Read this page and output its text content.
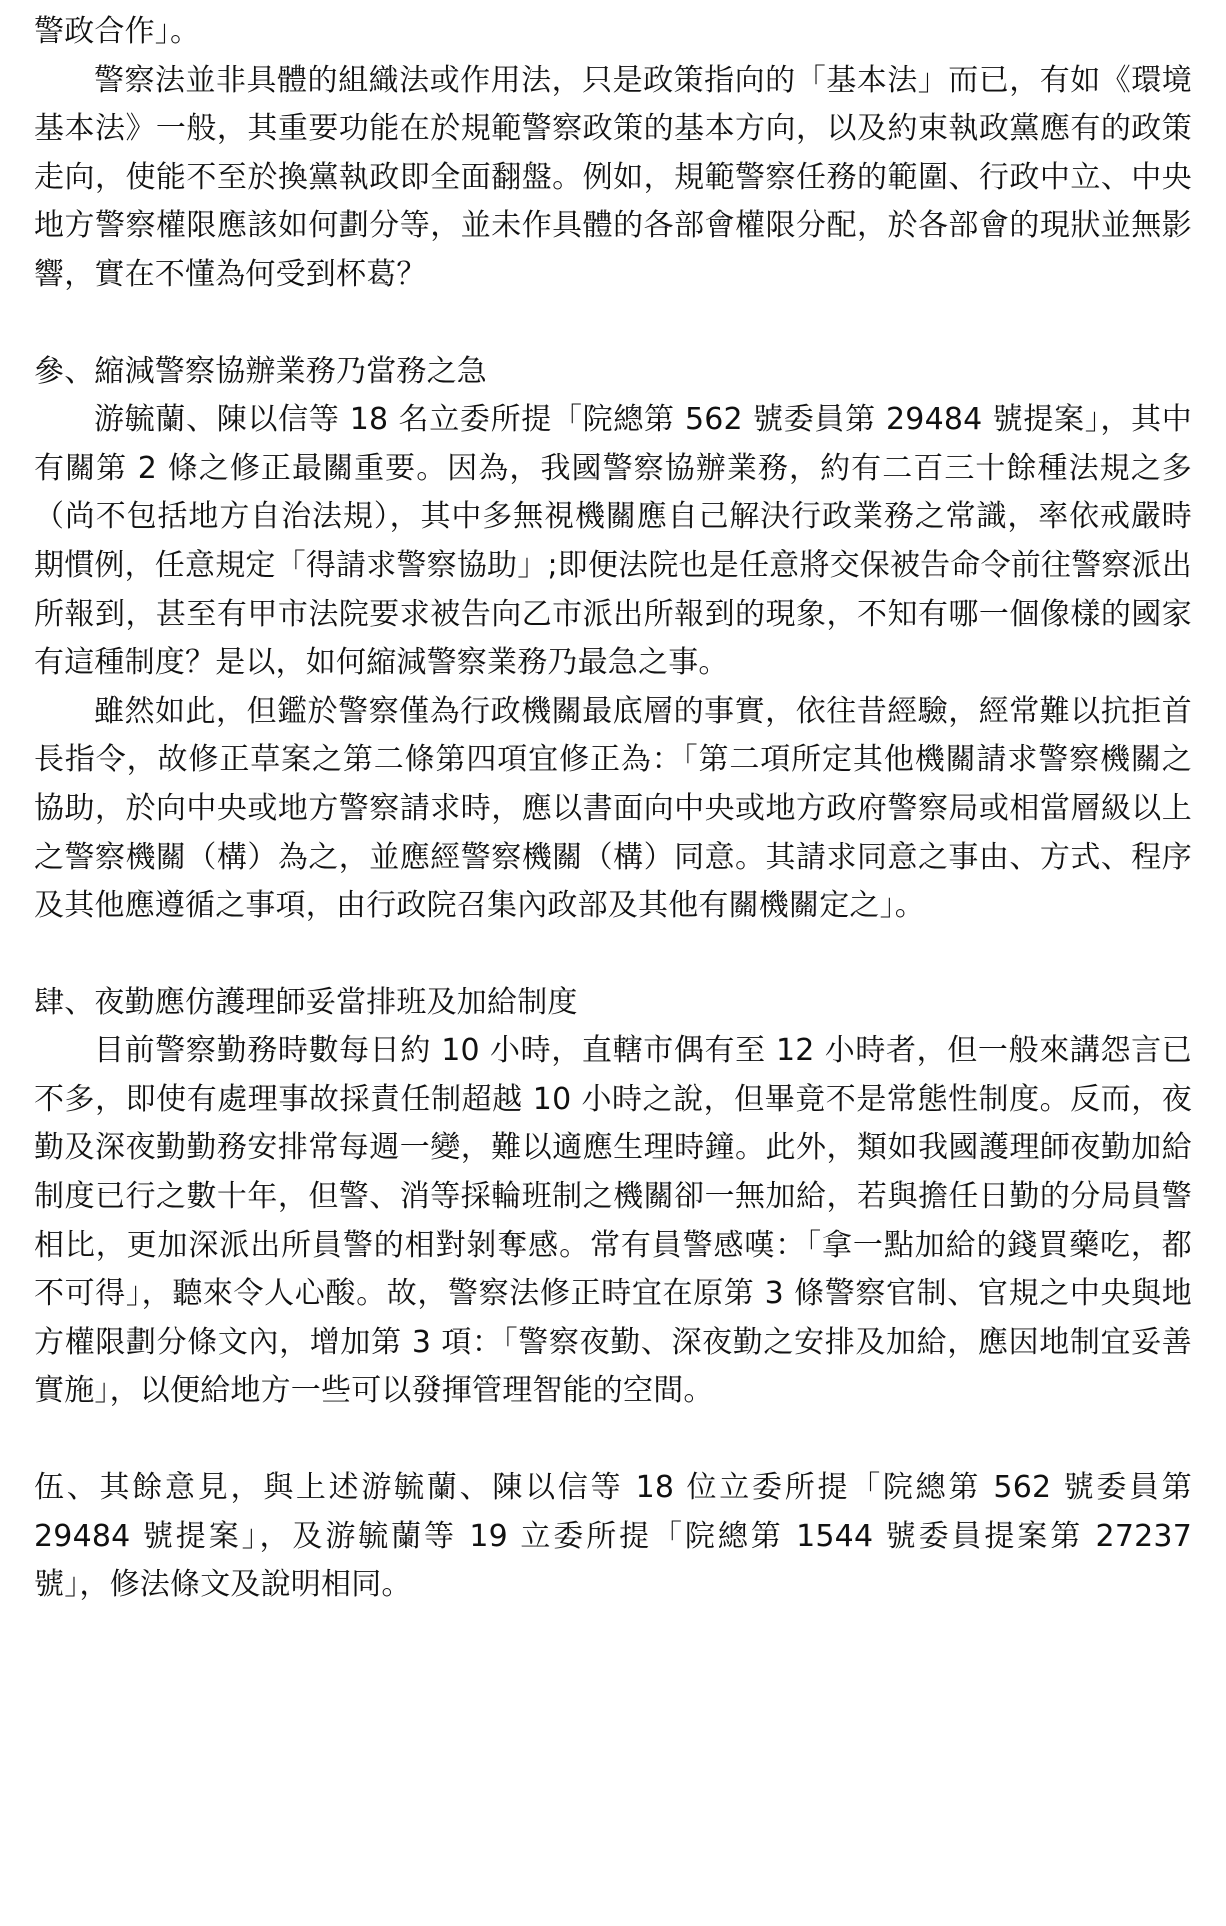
警政合作」。

警察法並非具體的組織法或作用法，只是政策指向的「基本法」而已，有如《環境基本法》一般，其重要功能在於規範警察政策的基本方向，以及約束執政黨應有的政策走向，使能不至於換黨執政即全面翻盤。例如，規範警察任務的範圍、行政中立、中央地方警察權限應該如何劃分等，並未作具體的各部會權限分配，於各部會的現狀並無影響，實在不懂為何受到杯葛？

參、縮減警察協辦業務乃當務之急

游毓蘭、陳以信等 18 名立委所提「院總第 562 號委員第 29484 號提案」，其中有關第 2 條之修正最關重要。因為，我國警察協辦業務，約有二百三十餘種法規之多（尚不包括地方自治法規），其中多無視機關應自己解決行政業務之常識，率依戒嚴時期慣例，任意規定「得請求警察協助」;即便法院也是任意將交保被告命令前往警察派出所報到，甚至有甲市法院要求被告向乙市派出所報到的現象，不知有哪一個像樣的國家有這種制度？是以，如何縮減警察業務乃最急之事。

雖然如此，但鑑於警察僅為行政機關最底層的事實，依往昔經驗，經常難以抗拒首長指令，故修正草案之第二條第四項宜修正為：「第二項所定其他機關請求警察機關之協助，於向中央或地方警察請求時，應以書面向中央或地方政府警察局或相當層級以上之警察機關（構）為之，並應經警察機關（構）同意。其請求同意之事由、方式、程序及其他應遵循之事項，由行政院召集內政部及其他有關機關定之」。

肆、夜勤應仿護理師妥當排班及加給制度

目前警察勤務時數每日約 10 小時，直轄市偶有至 12 小時者，但一般來講怨言已不多，即使有處理事故採責任制超越 10 小時之說，但畢竟不是常態性制度。反而，夜勤及深夜勤勤務安排常每週一變，難以適應生理時鐘。此外，類如我國護理師夜勤加給制度已行之數十年，但警、消等採輪班制之機關卻一無加給，若與擔任日勤的分局員警相比，更加深派出所員警的相對剝奪感。常有員警感嘆：「拿一點加給的錢買藥吃，都不可得」，聽來令人心酸。故，警察法修正時宜在原第 3 條警察官制、官規之中央與地方權限劃分條文內，增加第 3 項：「警察夜勤、深夜勤之安排及加給，應因地制宜妥善實施」，以便給地方一些可以發揮管理智能的空間。

伍、其餘意見，與上述游毓蘭、陳以信等 18 位立委所提「院總第 562 號委員第 29484 號提案」，及游毓蘭等 19 立委所提「院總第 1544 號委員提案第 27237 號」，修法條文及說明相同。
